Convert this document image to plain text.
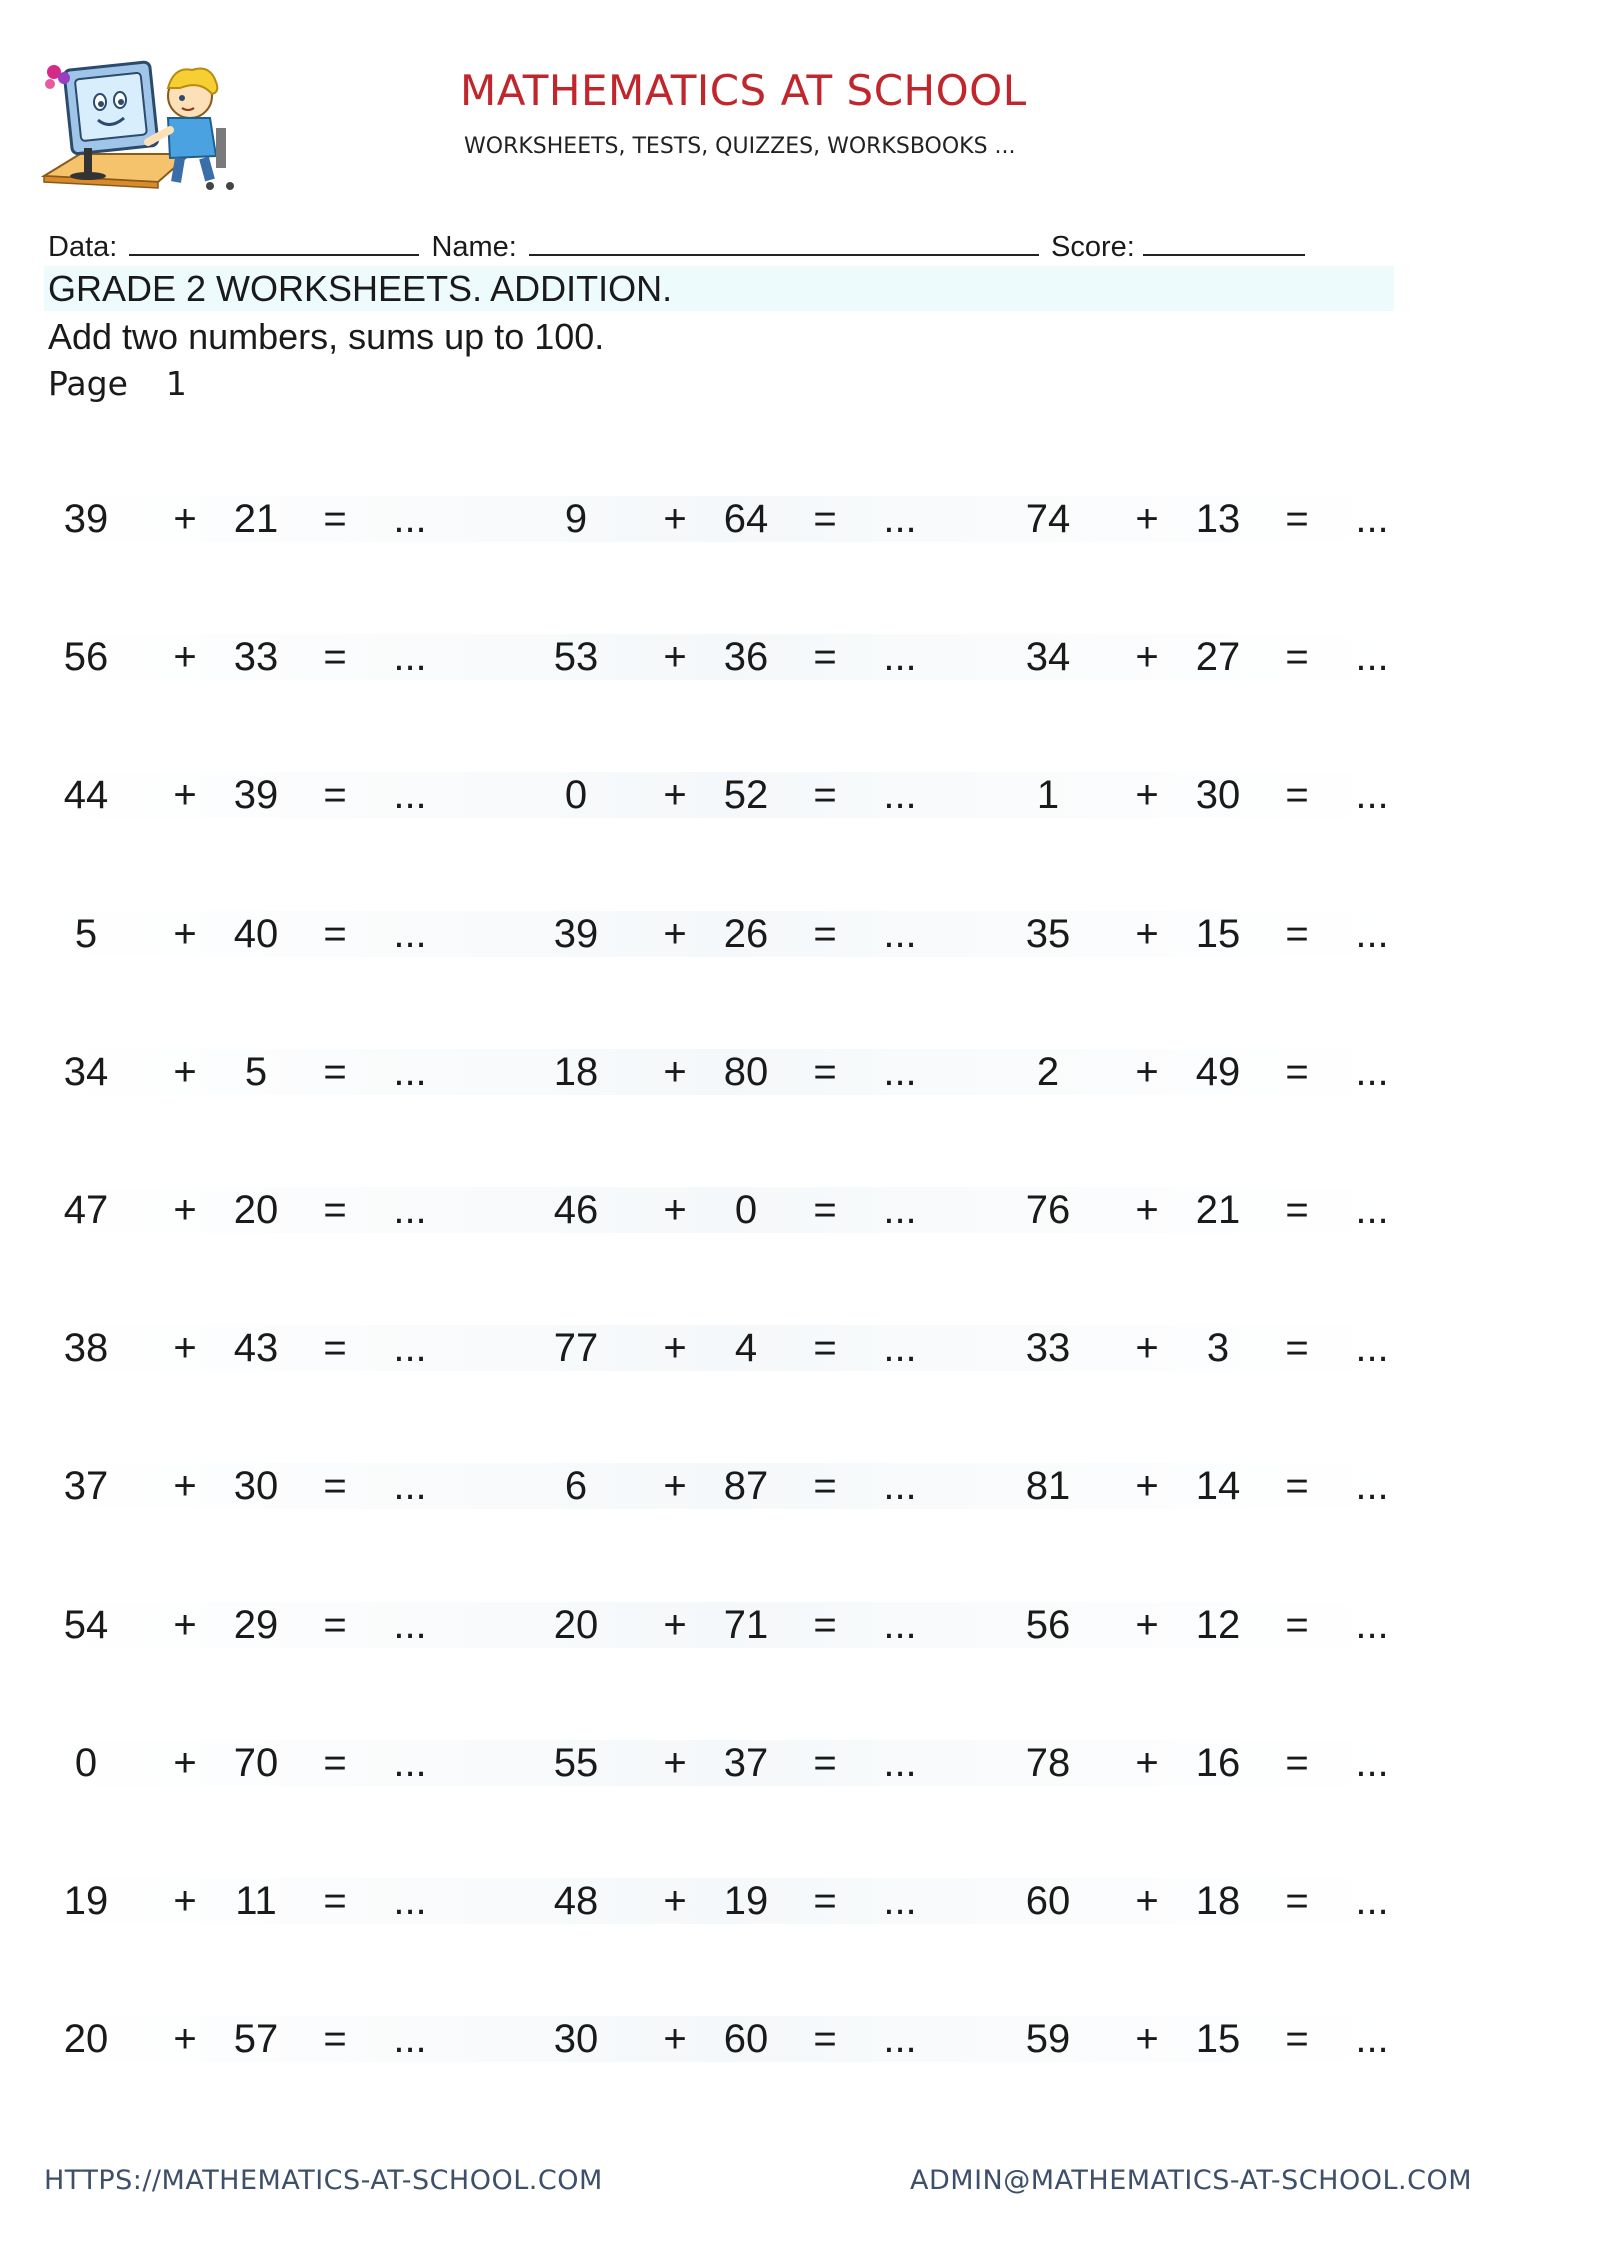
MATHEMATICS AT SCHOOL
WORKSHEETS, TESTS, QUIZZES, WORKSBOOKS ...
Data:	Name:	Score:
GRADE 2 WORKSHEETS. ADDITION.
Add two numbers, sums up to 100.
Page 1
39	+ 21	=	...	9	+ 64	=	...	74	+ 13	=	...
56	+ 33	=	...	53	+ 36	=	...	34	+ 27	=	...
44	+ 39	=	...	0	+ 52	=	...	1	+ 30	=	...
5	+ 40	=	...	39	+ 26	=	...	35	+ 15	=	...
34	+	5	=	...	18	+ 80	=	...	2	+ 49	=	...
47	+ 20	=	...	46	+	0	=	...	76	+ 21	=	...
38	+ 43	=	...	77	+	4	=	...	33	+	3	=	...
37	+ 30	=	...	6	+ 87	=	...	81	+ 14	=	...
54	+ 29	=	...	20	+ 71	=	...	56	+ 12	=	...
0	+ 70	=	...	55	+ 37	=	...	78	+ 16	=	...
19	+ 11	=	...	48	+ 19	=	...	60	+ 18	=	...
20	+ 57	=	...	30	+ 60	=	...	59	+ 15	=	...
HTTPS://MATHEMATICS-AT-SCHOOL.COM	ADMIN@MATHEMATICS-AT-SCHOOL.COM
